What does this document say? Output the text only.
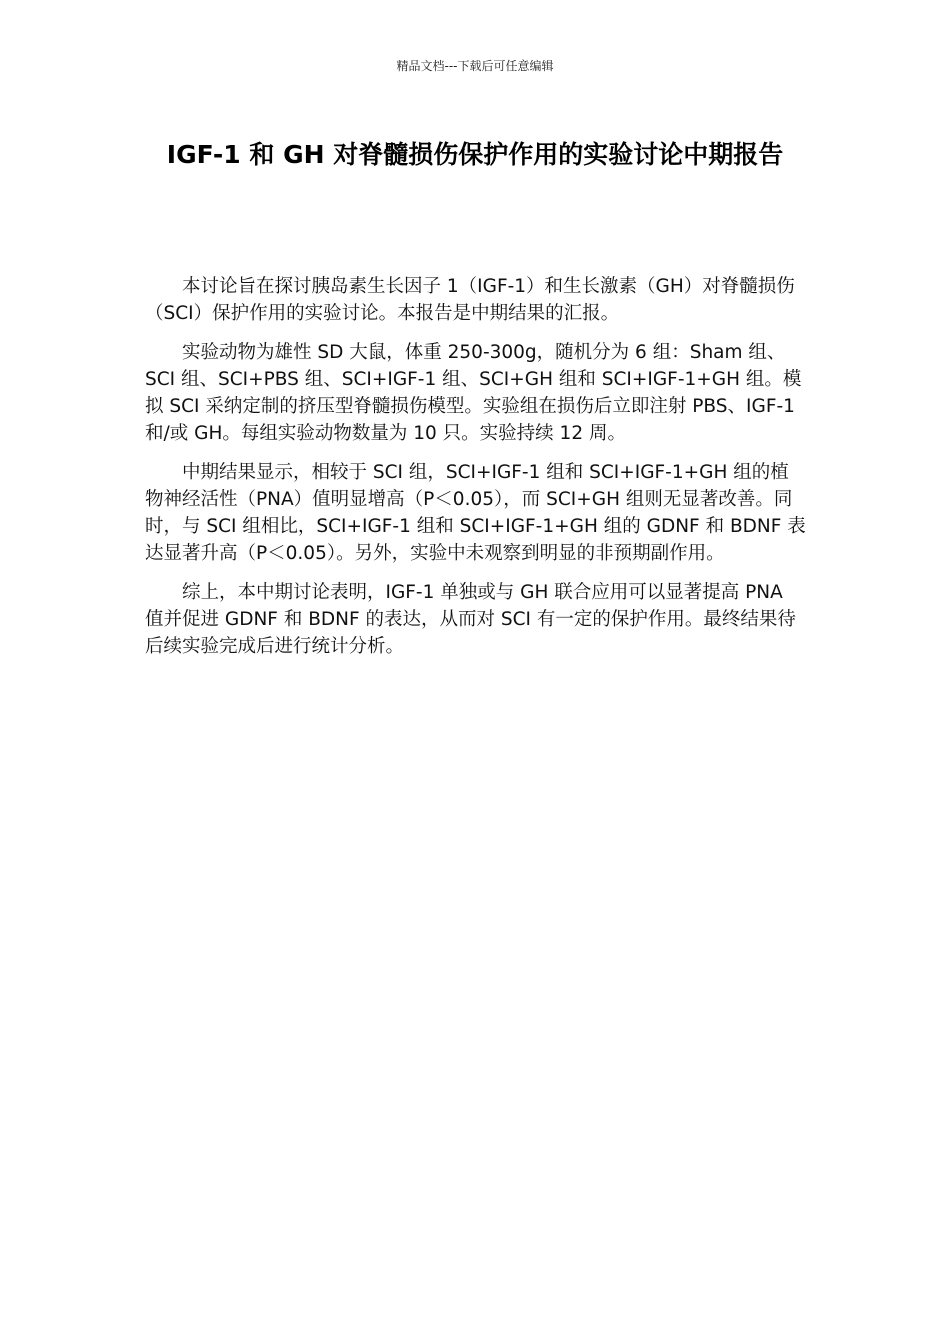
精品文档---下载后可任意编辑
IGF-1 和 GH 对脊髓损伤保护作用的实验讨论中期报告

本讨论旨在探讨胰岛素生长因子 1（IGF-1）和生长激素（GH）对脊髓损伤（SCI）保护作用的实验讨论。本报告是中期结果的汇报。

实验动物为雄性 SD 大鼠，体重 250-300g，随机分为 6 组：Sham 组、SCI 组、SCI+PBS 组、SCI+IGF-1 组、SCI+GH 组和 SCI+IGF-1+GH 组。模拟 SCI 采纳定制的挤压型脊髓损伤模型。实验组在损伤后立即注射 PBS、IGF-1 和/或 GH。每组实验动物数量为 10 只。实验持续 12 周。

中期结果显示，相较于 SCI 组，SCI+IGF-1 组和 SCI+IGF-1+GH 组的植物神经活性（PNA）值明显增高（P＜0.05），而 SCI+GH 组则无显著改善。同时，与 SCI 组相比，SCI+IGF-1 组和 SCI+IGF-1+GH 组的 GDNF 和 BDNF 表达显著升高（P＜0.05）。另外，实验中未观察到明显的非预期副作用。

综上，本中期讨论表明，IGF-1 单独或与 GH 联合应用可以显著提高 PNA 值并促进 GDNF 和 BDNF 的表达，从而对 SCI 有一定的保护作用。最终结果待后续实验完成后进行统计分析。
